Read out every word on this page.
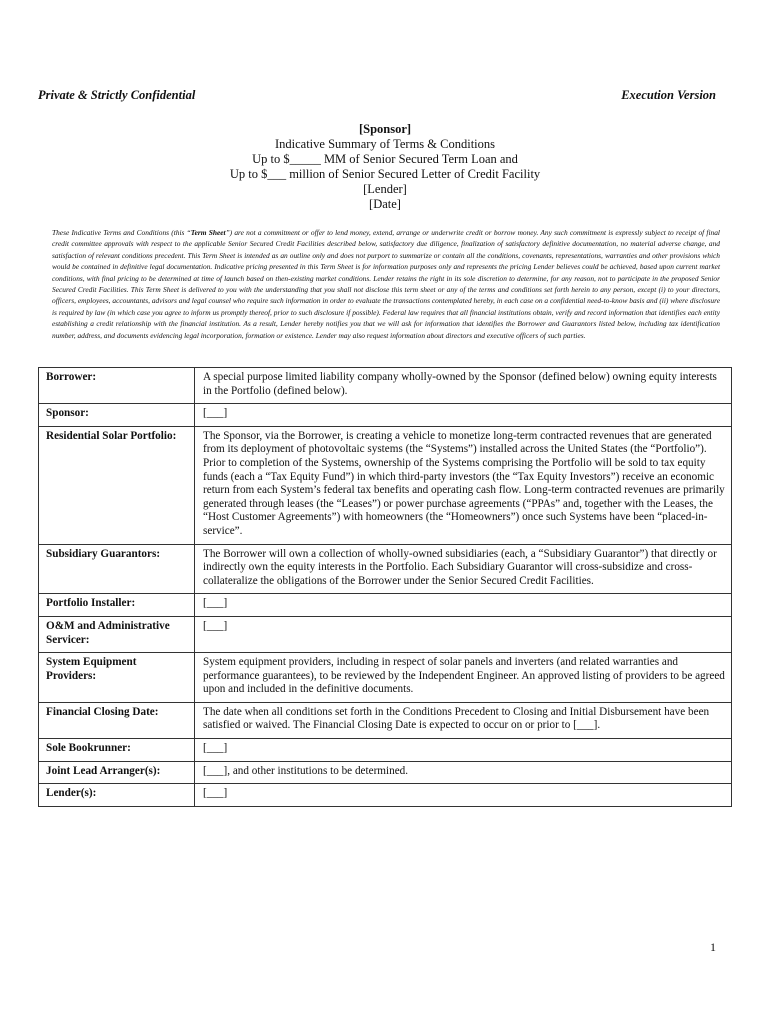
Private & Strictly Confidential	Execution Version
[Sponsor]
Indicative Summary of Terms & Conditions
Up to $_____ MM of Senior Secured Term Loan and
Up to $___ million of Senior Secured Letter of Credit Facility
[Lender]
[Date]
These Indicative Terms and Conditions (this “Term Sheet”) are not a commitment or offer to lend money, extend, arrange or underwrite credit or borrow money. Any such commitment is expressly subject to receipt of final credit committee approvals with respect to the applicable Senior Secured Credit Facilities described below, satisfactory due diligence, finalization of satisfactory definitive documentation, no material adverse change, and satisfaction of relevant conditions precedent. This Term Sheet is intended as an outline only and does not purport to summarize or contain all the conditions, covenants, representations, warranties and other provisions which would be contained in definitive legal documentation. Indicative pricing presented in this Term Sheet is for information purposes only and represents the pricing Lender believes could be achieved, based upon current market conditions, with final pricing to be determined at time of launch based on then-existing market conditions. Lender retains the right in its sole discretion to determine, for any reason, not to participate in the proposed Senior Secured Credit Facilities. This Term Sheet is delivered to you with the understanding that you shall not disclose this term sheet or any of the terms and conditions set forth herein to any person, except (i) to your directors, officers, employees, accountants, advisors and legal counsel who require such information in order to evaluate the transactions contemplated hereby, in each case on a confidential need-to-know basis and (ii) where disclosure is required by law (in which case you agree to inform us promptly thereof, prior to such disclosure if possible). Federal law requires that all financial institutions obtain, verify and record information that identifies each entity establishing a credit relationship with the financial institution. As a result, Lender hereby notifies you that we will ask for information that identifies the Borrower and Guarantors listed below, including tax identification number, address, and documents evidencing legal incorporation, formation or existence. Lender may also request information about directors and executive officers of such parties.
Borrower:	A special purpose limited liability company wholly-owned by the Sponsor (defined below) owning equity interests in the Portfolio (defined below).
Sponsor:	[___]
Residential Solar Portfolio:	The Sponsor, via the Borrower, is creating a vehicle to monetize long-term contracted revenues that are generated from its deployment of photovoltaic systems (the “Systems”) installed across the United States (the “Portfolio”). Prior to completion of the Systems, ownership of the Systems comprising the Portfolio will be sold to tax equity funds (each a “Tax Equity Fund”) in which third-party investors (the “Tax Equity Investors”) receive an economic return from each System’s federal tax benefits and operating cash flow. Long-term contracted revenues are primarily generated through leases (the “Leases”) or power purchase agreements (“PPAs” and, together with the Leases, the “Host Customer Agreements”) with homeowners (the “Homeowners”) once such Systems have been “placed-in-service”.
Subsidiary Guarantors:	The Borrower will own a collection of wholly-owned subsidiaries (each, a “Subsidiary Guarantor”) that directly or indirectly own the equity interests in the Portfolio. Each Subsidiary Guarantor will cross-subsidize and cross-collateralize the obligations of the Borrower under the Senior Secured Credit Facilities.
Portfolio Installer:	[___]
O&M and Administrative Servicer:	[___]
System Equipment Providers:	System equipment providers, including in respect of solar panels and inverters (and related warranties and performance guarantees), to be reviewed by the Independent Engineer. An approved listing of providers to be agreed upon and included in the definitive documents.
Financial Closing Date:	The date when all conditions set forth in the Conditions Precedent to Closing and Initial Disbursement have been satisfied or waived. The Financial Closing Date is expected to occur on or prior to [___].
Sole Bookrunner:	[___]
Joint Lead Arranger(s):	[___], and other institutions to be determined.
Lender(s):	[___]
1
